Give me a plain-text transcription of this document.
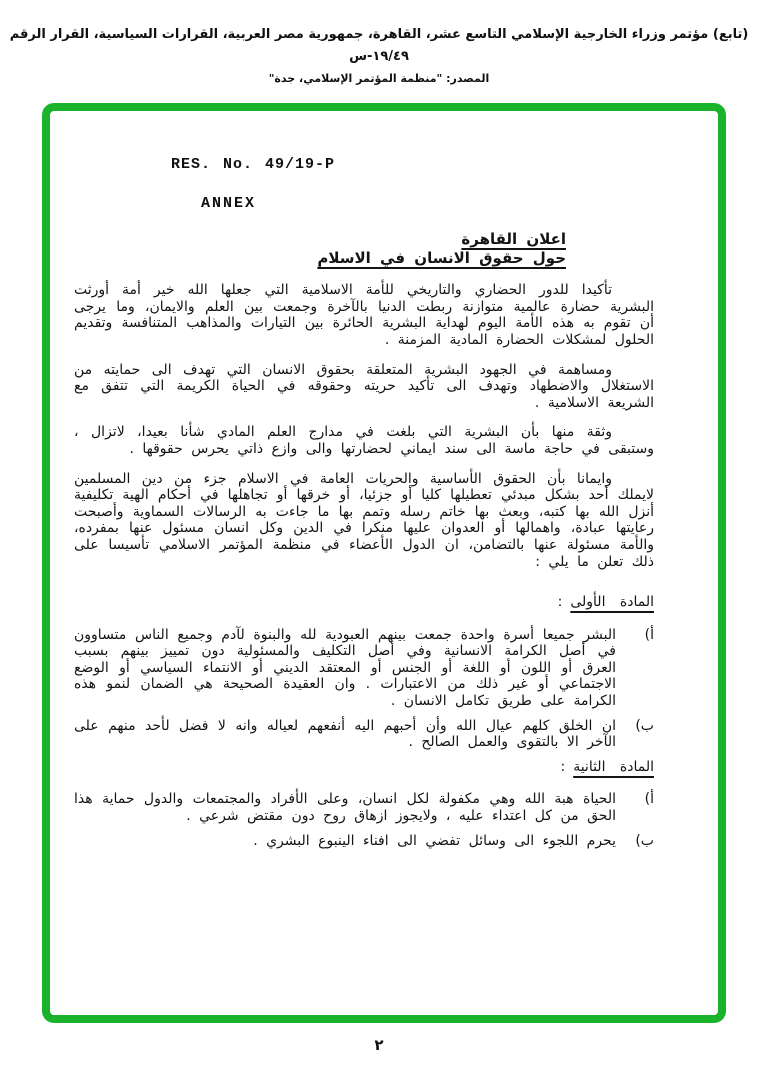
(تابع) مؤتمر وزراء الخارجية الإسلامي التاسع عشر، القاهرة، جمهورية مصر العربية، القرارات السياسية، القرار الرقم ١٩/٤٩-س
المصدر: "منظمة المؤتمر الإسلامي، جدة"
RES. No. 49/19-P
ANNEX
اعلان القاهرة
حول حقوق الانسان في الاسلام

تأكيدا للدور الحضاري والتاريخي للأمة الاسلامية التي جعلها الله خير أمة أورثت البشرية حضارة عالمية متوازنة ربطت الدنيا بالآخرة وجمعت بين العلم والايمان، وما يرجى أن تقوم به هذه الأمة اليوم لهداية البشرية الحائرة بين التيارات والمذاهب المتنافسة وتقديم الحلول لمشكلات الحضارة المادية المزمنة .

ومساهمة في الجهود البشرية المتعلقة بحقوق الانسان التي تهدف الى حمايته من الاستغلال والاضطهاد وتهدف الى تأكيد حريته وحقوقه في الحياة الكريمة التي تتفق مع الشريعة الاسلامية .

وثقة منها بأن البشرية التي بلغت في مدارج العلم المادي شأنا بعيدا، لاتزال ، وستبقى في حاجة ماسة الى سند ايماني لحضارتها والى وازع ذاتي يحرس حقوقها .

وايمانا بأن الحقوق الأساسية والحريات العامة في الاسلام جزء من دين المسلمين لايملك أحد بشكل مبدئي تعطيلها كليا أو جزئيا، أو خرقها أو تجاهلها في أحكام الهية تكليفية أنزل الله بها كتبه، وبعث بها خاتم رسله وتمم بها ما جاءت به الرسالات السماوية وأصبحت رعايتها عبادة، واهمالها أو العدوان عليها منكرا في الدين وكل انسان مسئول عنها بمفرده، والأمة مسئولة عنها بالتضامن، ان الدول الأعضاء في منظمة المؤتمر الاسلامي تأسيسا على ذلك تعلن ما يلي :

المادة الأولى:
أ)

البشر جميعا أسرة واحدة جمعت بينهم العبودية لله والبنوة لآدم وجميع الناس متساوون في أصل الكرامة الانسانية وفي أصل التكليف والمسئولية دون تمييز بينهم بسبب العرق أو اللون أو اللغة أو الجنس أو المعتقد الديني أو الانتماء السياسي أو الوضع الاجتماعي أو غير ذلك من الاعتبارات . وان العقيدة الصحيحة هي الضمان لنمو هذه الكرامة على طريق تكامل الانسان .

ب)

ان الخلق كلهم عيال الله وأن أحبهم اليه أنفعهم لعياله وانه لا فضل لأحد منهم على الآخر الا بالتقوى والعمل الصالح .

المادة الثانية:
أ)

الحياة هبة الله وهي مكفولة لكل انسان، وعلى الأفراد والمجتمعات والدول حماية هذا الحق من كل اعتداء عليه ، ولايجوز ازهاق روح دون مقتض شرعي .

ب)

يحرم اللجوء الى وسائل تفضي الى افناء الينبوع البشري .

٢
